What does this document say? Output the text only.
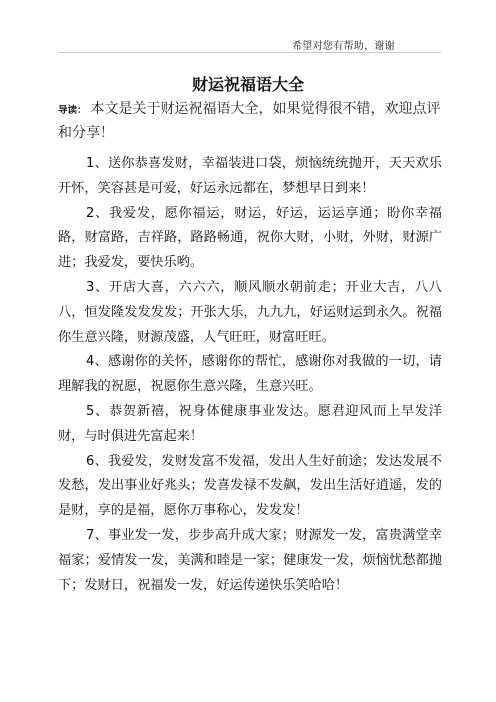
希望对您有帮助，谢谢
财运祝福语大全
导读： 本文是关于财运祝福语大全，如果觉得很不错，欢迎点评和分享！

1、送你恭喜发财，幸福装进口袋，烦恼统统抛开，天天欢乐开怀，笑容甚是可爱，好运永远都在，梦想早日到来！

2、我爱发，愿你福运，财运，好运，运运享通；盼你幸福路，财富路，吉祥路，路路畅通，祝你大财，小财，外财，财源广进；我爱发，要快乐哟。

3、开店大喜，六六六，顺风顺水朝前走；开业大吉，八八八，恒发隆发发发发；开张大乐，九九九，好运财运到永久。祝福你生意兴隆，财源茂盛，人气旺旺，财富旺旺。

4、感谢你的关怀，感谢你的帮忙，感谢你对我做的一切，请理解我的祝愿，祝愿你生意兴隆，生意兴旺。

5、恭贺新禧，祝身体健康事业发达。愿君迎风而上早发洋财，与时俱进先富起来！

6、我爱发，发财发富不发福，发出人生好前途；发达发展不发愁，发出事业好兆头；发喜发禄不发飙，发出生活好逍遥，发的是财，享的是福，愿你万事称心，发发发！

7、事业发一发，步步高升成大家；财源发一发，富贵满堂幸福家；爱情发一发，美满和睦是一家；健康发一发，烦恼忧愁都抛下；发财日，祝福发一发，好运传递快乐笑哈哈！
